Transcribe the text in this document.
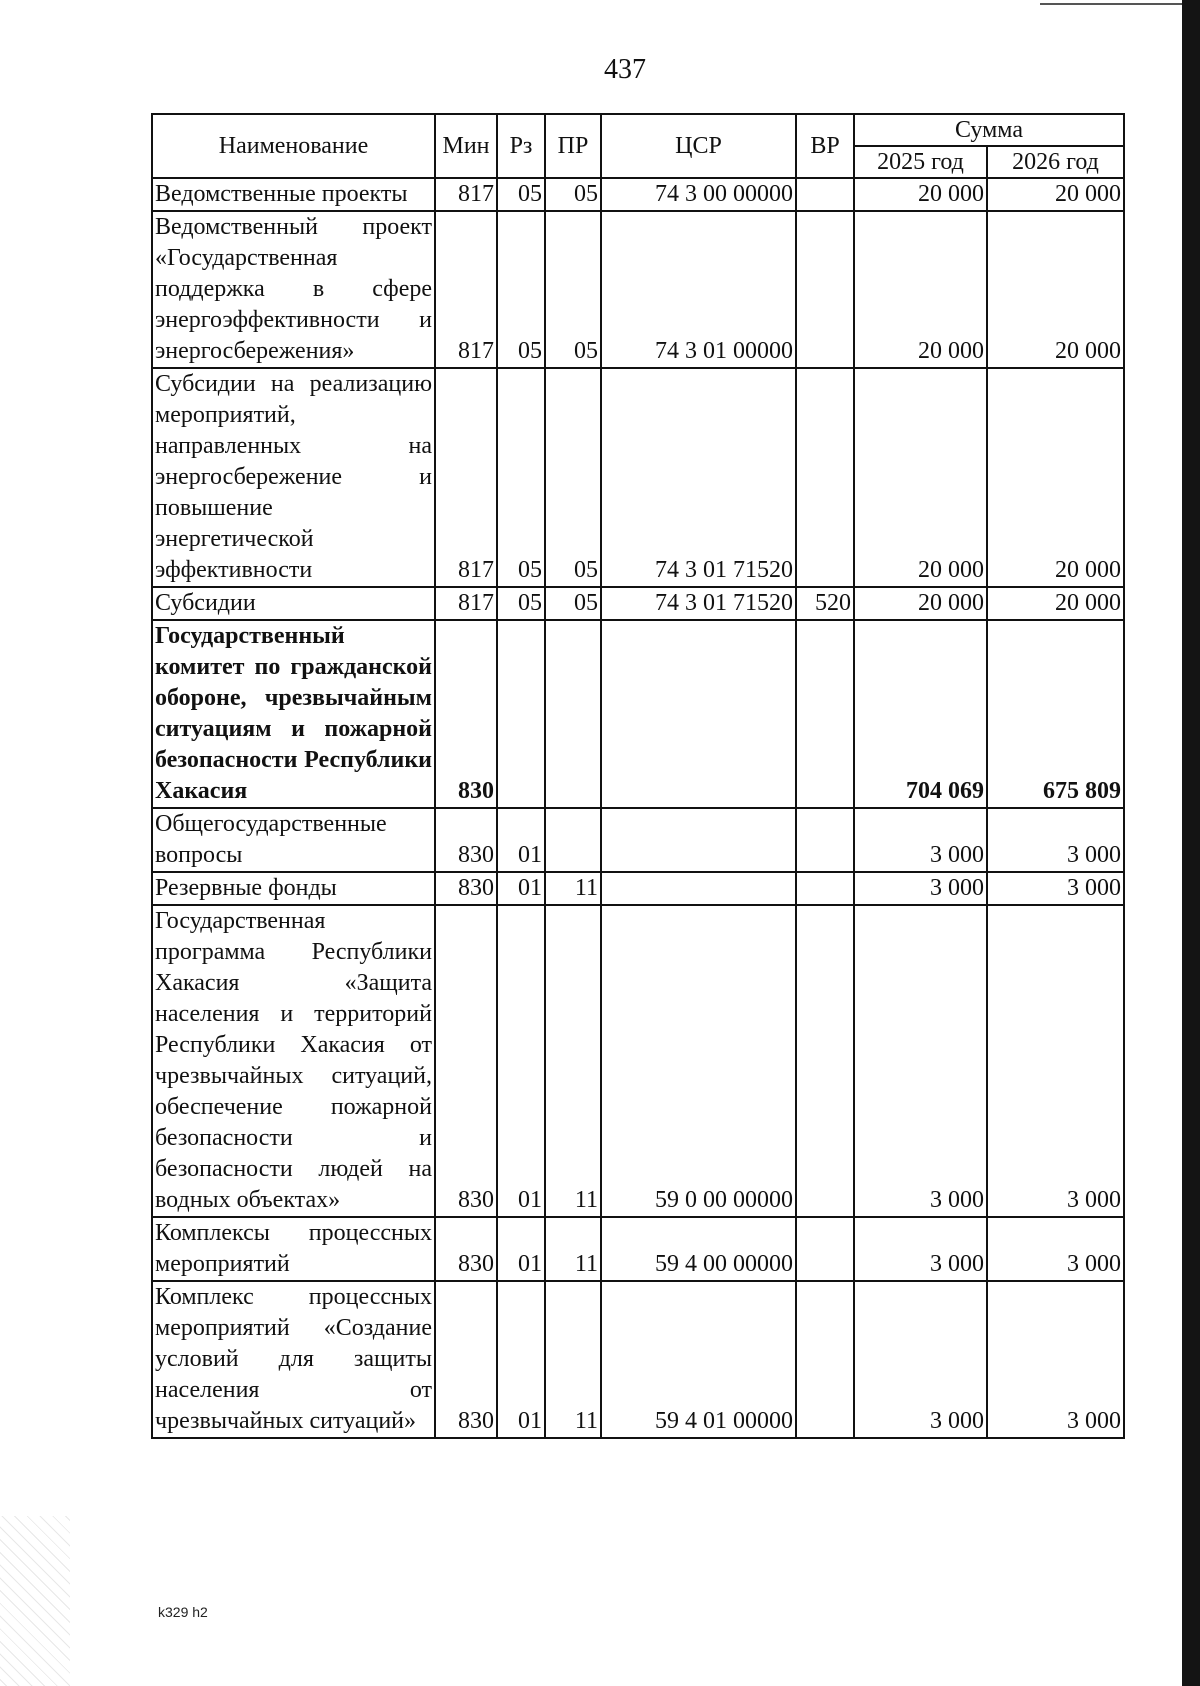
437
Наименование	Мин	Рз	ПР	ЦСР	ВР	Сумма	
						2025 год	2026 год
Ведомственные проекты	817	05	05	74 3 00 00000		20 000	20 000
Ведомственный проект «Государственная поддержка в сфере энергоэффективности и энергосбережения»	817	05	05	74 3 01 00000		20 000	20 000
Субсидии на реализацию мероприятий, направленных на энергосбережение и повышение энергетической эффективности	817	05	05	74 3 01 71520		20 000	20 000
Субсидии	817	05	05	74 3 01 71520	520	20 000	20 000
Государственный комитет по гражданской обороне, чрезвычайным ситуациям и пожарной безопасности Республики Хакасия	830					704 069	675 809
Общегосударственные вопросы	830	01				3 000	3 000
Резервные фонды	830	01	11			3 000	3 000
Государственная программа Республики Хакасия «Защита населения и территорий Республики Хакасия от чрезвычайных ситуаций, обеспечение пожарной безопасности и безопасности людей на водных объектах»	830	01	11	59 0 00 00000		3 000	3 000
Комплексы процессных мероприятий	830	01	11	59 4 00 00000		3 000	3 000
Комплекс процессных мероприятий «Создание условий для защиты населения от чрезвычайных ситуаций»	830	01	11	59 4 01 00000		3 000	3 000
k329 h2
